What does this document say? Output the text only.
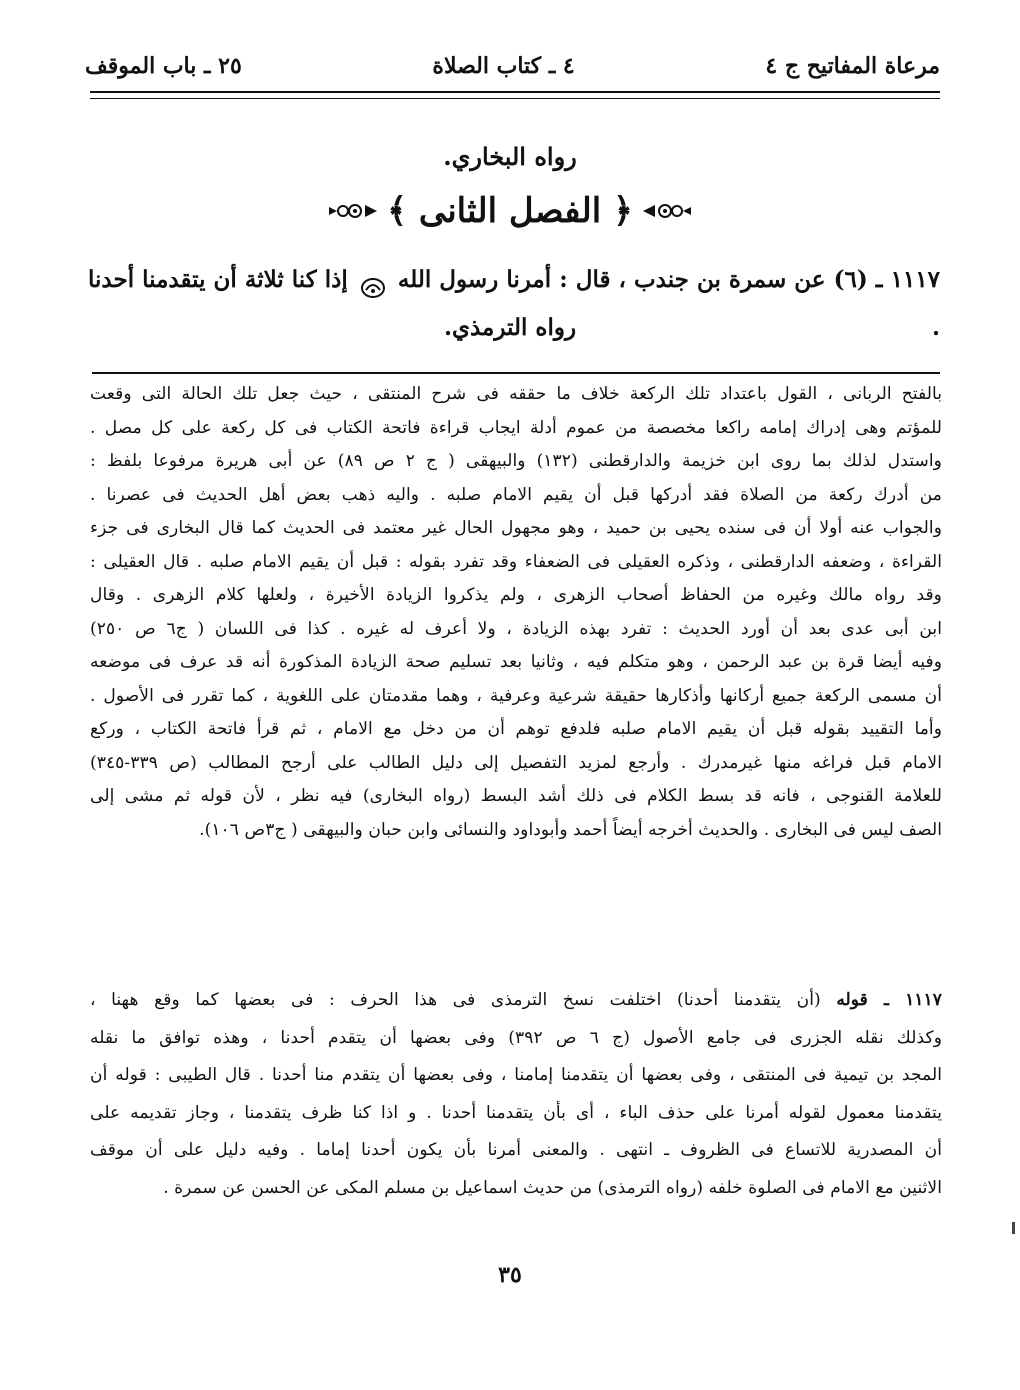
مرعاة المفاتيح ج ٤
٤ ـ كتاب الصلاة
٢٥ ـ باب الموقف
رواه البخاري.
﴿ الفصل الثانى ﴾
١١١٧ ـ (٦) عن سمرة بن جندب ، قال : أمرنا رسول الله  إذا كنا ثلاثة أن يتقدمنا أحدنا .
رواه الترمذي.
بالفتح الربانى ، القول باعتداد تلك الركعة خلاف ما حققه فى شرح المنتقى ، حيث جعل تلك الحالة التى وقعت
للمؤتم وهى إدراك إمامه راكعا مخصصة من عموم أدلة ايجاب قراءة فاتحة الكتاب فى كل ركعة على كل مصل .
واستدل لذلك بما روى ابن خزيمة والدارقطنى (١٣٢) والبيهقى ( ج ٢ ص ٨٩) عن أبى هريرة مرفوعا بلفظ :
من أدرك ركعة من الصلاة فقد أدركها قبل أن يقيم الامام صلبه . واليه ذهب بعض أهل الحديث فى عصرنا .
والجواب عنه أولا أن فى سنده يحيى بن حميد ، وهو مجهول الحال غير معتمد فى الحديث كما قال البخارى فى جزء
القراءة ، وضعفه الدارقطنى ، وذكره العقيلى فى الضعفاء وقد تفرد بقوله : قبل أن يقيم الامام صلبه . قال العقيلى :
وقد رواه مالك وغيره من الحفاظ أصحاب الزهرى ، ولم يذكروا الزيادة الأخيرة ، ولعلها كلام الزهرى . وقال
ابن أبى عدى بعد أن أورد الحديث : تفرد بهذه الزيادة ، ولا أعرف له غيره . كذا فى اللسان ( ج٦ ص ٢٥٠)
وفيه أيضا قرة بن عبد الرحمن ، وهو متكلم فيه ، وثانيا بعد تسليم صحة الزيادة المذكورة أنه قد عرف فى موضعه
أن مسمى الركعة جميع أركانها وأذكارها حقيقة شرعية وعرفية ، وهما مقدمتان على اللغوية ، كما تقرر فى الأصول .
وأما التقييد بقوله قبل أن يقيم الامام صلبه فلدفع توهم أن من دخل مع الامام ، ثم قرأ فاتحة الكتاب ، وركع
الامام قبل فراغه منها غيرمدرك . وأرجع لمزيد التفصيل إلى دليل الطالب على أرجح المطالب (ص ٣٣٩-٣٤٥)
للعلامة القنوجى ، فانه قد بسط الكلام فى ذلك أشد البسط (رواه البخارى) فيه نظر ، لأن قوله ثم مشى إلى
الصف ليس فى البخارى . والحديث أخرجه أيضاً أحمد وأبوداود والنسائى وابن حبان والبيهقى ( ج٣ص ١٠٦).
١١١٧ ـ قوله (أن يتقدمنا أحدنا) اختلفت نسخ الترمذى فى هذا الحرف : فى بعضها كما وقع ههنا ،
وكذلك نقله الجزرى فى جامع الأصول (ج ٦ ص ٣٩٢) وفى بعضها أن يتقدم أحدنا ، وهذه توافق ما نقله
المجد بن تيمية فى المنتقى ، وفى بعضها أن يتقدمنا إمامنا ، وفى بعضها أن يتقدم منا أحدنا . قال الطيبى : قوله أن
يتقدمنا معمول لقوله أمرنا على حذف الباء ، أى بأن يتقدمنا أحدنا . و اذا كنا ظرف يتقدمنا ، وجاز تقديمه على
أن المصدرية للاتساع فى الظروف ـ انتهى . والمعنى أمرنا بأن يكون أحدنا إماما . وفيه دليل على أن موقف
الاثنين مع الامام فى الصلوة خلفه (رواه الترمذى) من حديث اسماعيل بن مسلم المكى عن الحسن عن سمرة .
٣٥
